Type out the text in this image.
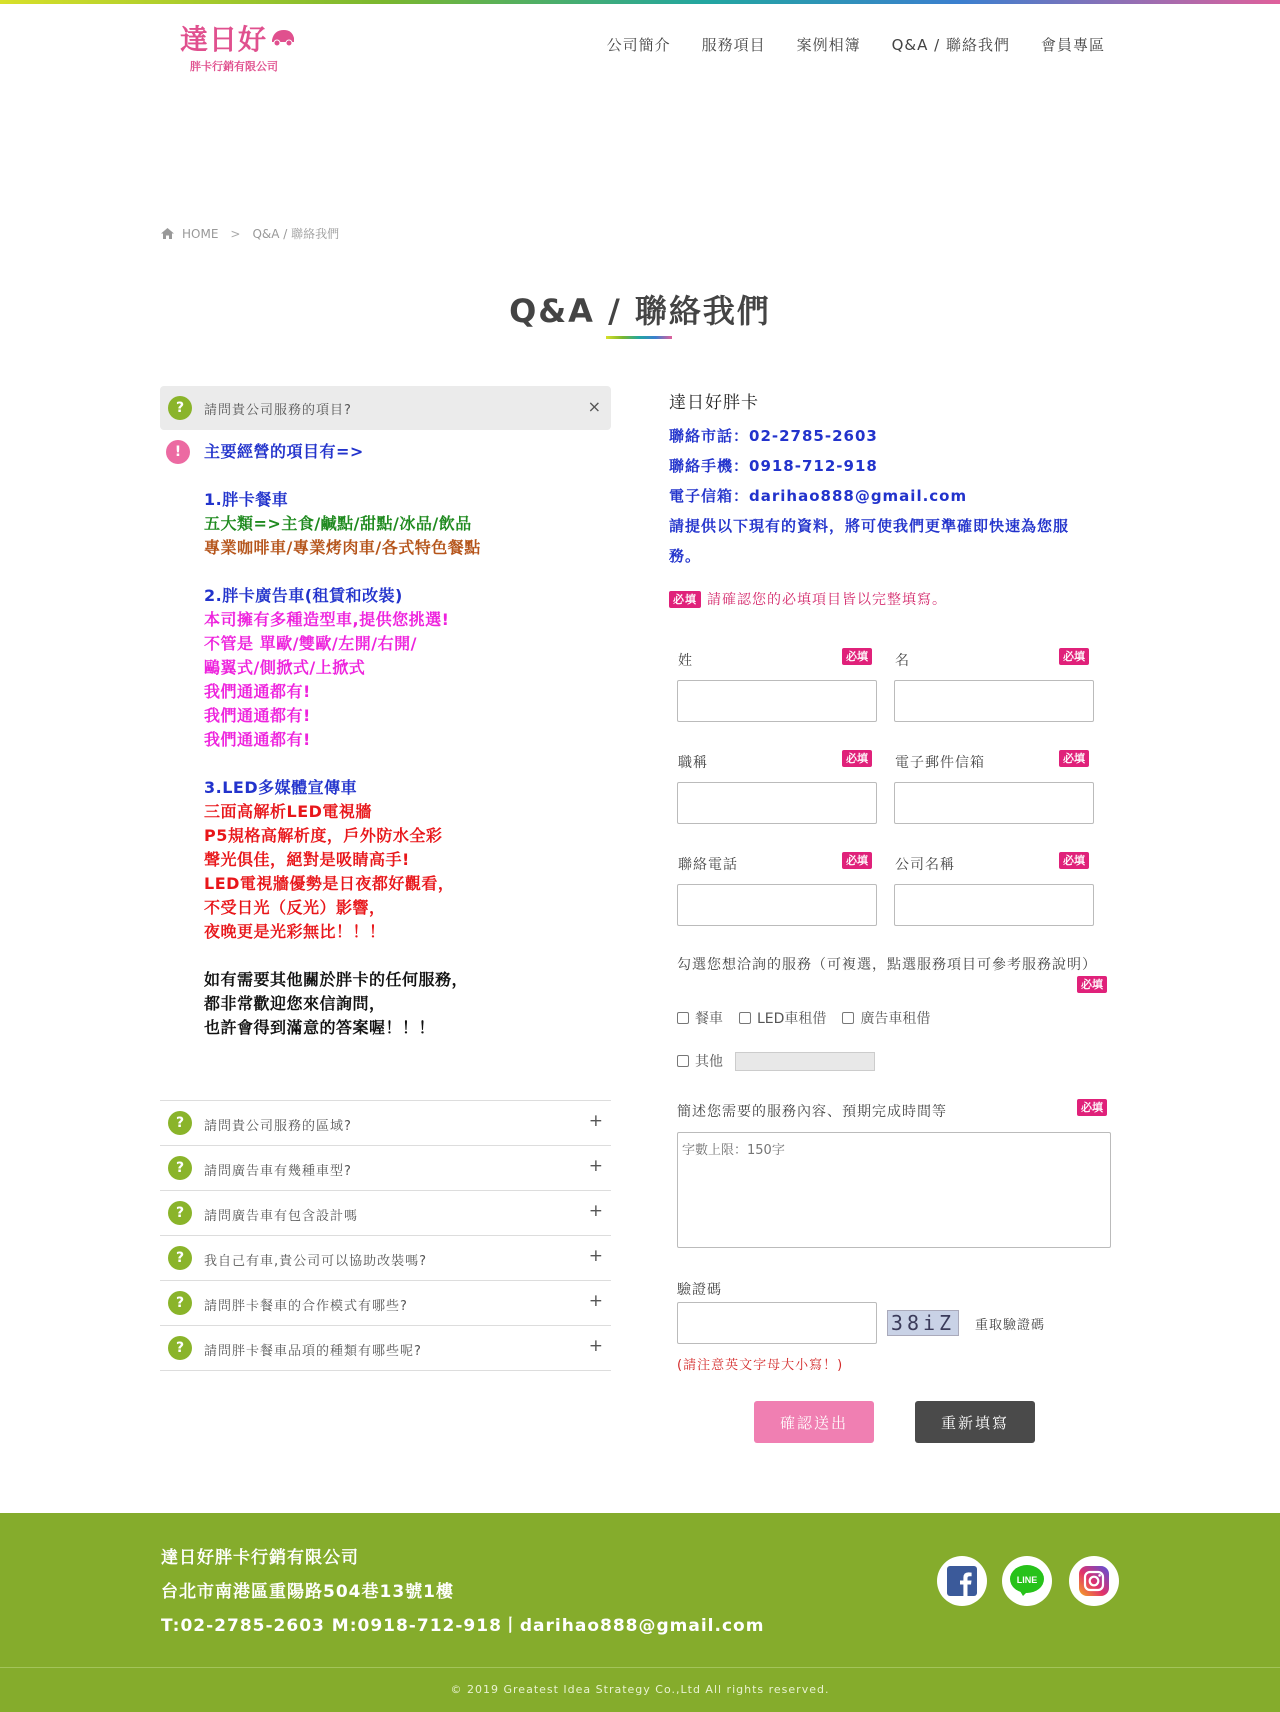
達日好
胖卡行銷有限公司
公司簡介 服務項目 案例相簿 Q&A / 聯絡我們 會員專區
HOME > Q&A / 聯絡我們
Q&A / 聯絡我們
?	請問貴公司服務的項目?	×
!	主要經營的項目有=>
1.胖卡餐車
五大類=>主食/鹹點/甜點/冰品/飲品
專業咖啡車/專業烤肉車/各式特色餐點
2.胖卡廣告車(租賃和改裝)
本司擁有多種造型車,提供您挑選!
不管是 單歐/雙歐/左開/右開/
鷗翼式/側掀式/上掀式
我們通通都有!
我們通通都有!
我們通通都有!
3.LED多媒體宣傳車
三面高解析LED電視牆
P5規格高解析度，戶外防水全彩
聲光俱佳，絕對是吸睛高手!
LED電視牆優勢是日夜都好觀看，
不受日光（反光）影響，
夜晚更是光彩無比！！！
如有需要其他關於胖卡的任何服務，
都非常歡迎您來信詢問，
也許會得到滿意的答案喔！！！
?	請問貴公司服務的區域?	+
?	請問廣告車有幾種車型?	+
?	請問廣告車有包含設計嗎	+
?	我自己有車,貴公司可以協助改裝嗎?	+
?	請問胖卡餐車的合作模式有哪些?	+
?	請問胖卡餐車品項的種類有哪些呢?	+
達日好胖卡
聯絡市話：02-2785-2603
聯絡手機：0918-712-918
電子信箱：darihao888@gmail.com
請提供以下現有的資料，將可使我們更準確即快速為您服
務。
必填 請確認您的必填項目皆以完整填寫。
姓	必填 名	必填
職稱	必填 電子郵件信箱	必填
聯絡電話	必填 公司名稱	必填
勾選您想洽詢的服務（可複選，點選服務項目可參考服務說明）
必填
餐車 LED車租借 廣告車租借
其他
簡述您需要的服務內容、預期完成時間等	必填
字數上限：150字
驗證碼
38iZ	重取驗證碼
(請注意英文字母大小寫！)
確認送出	重新填寫
達日好胖卡行銷有限公司
台北市南港區重陽路504巷13號1樓
T:02-2785-2603 M:0918-712-918丨darihao888@gmail.com
LINE
© 2019 Greatest Idea Strategy Co.,Ltd All rights reserved.
